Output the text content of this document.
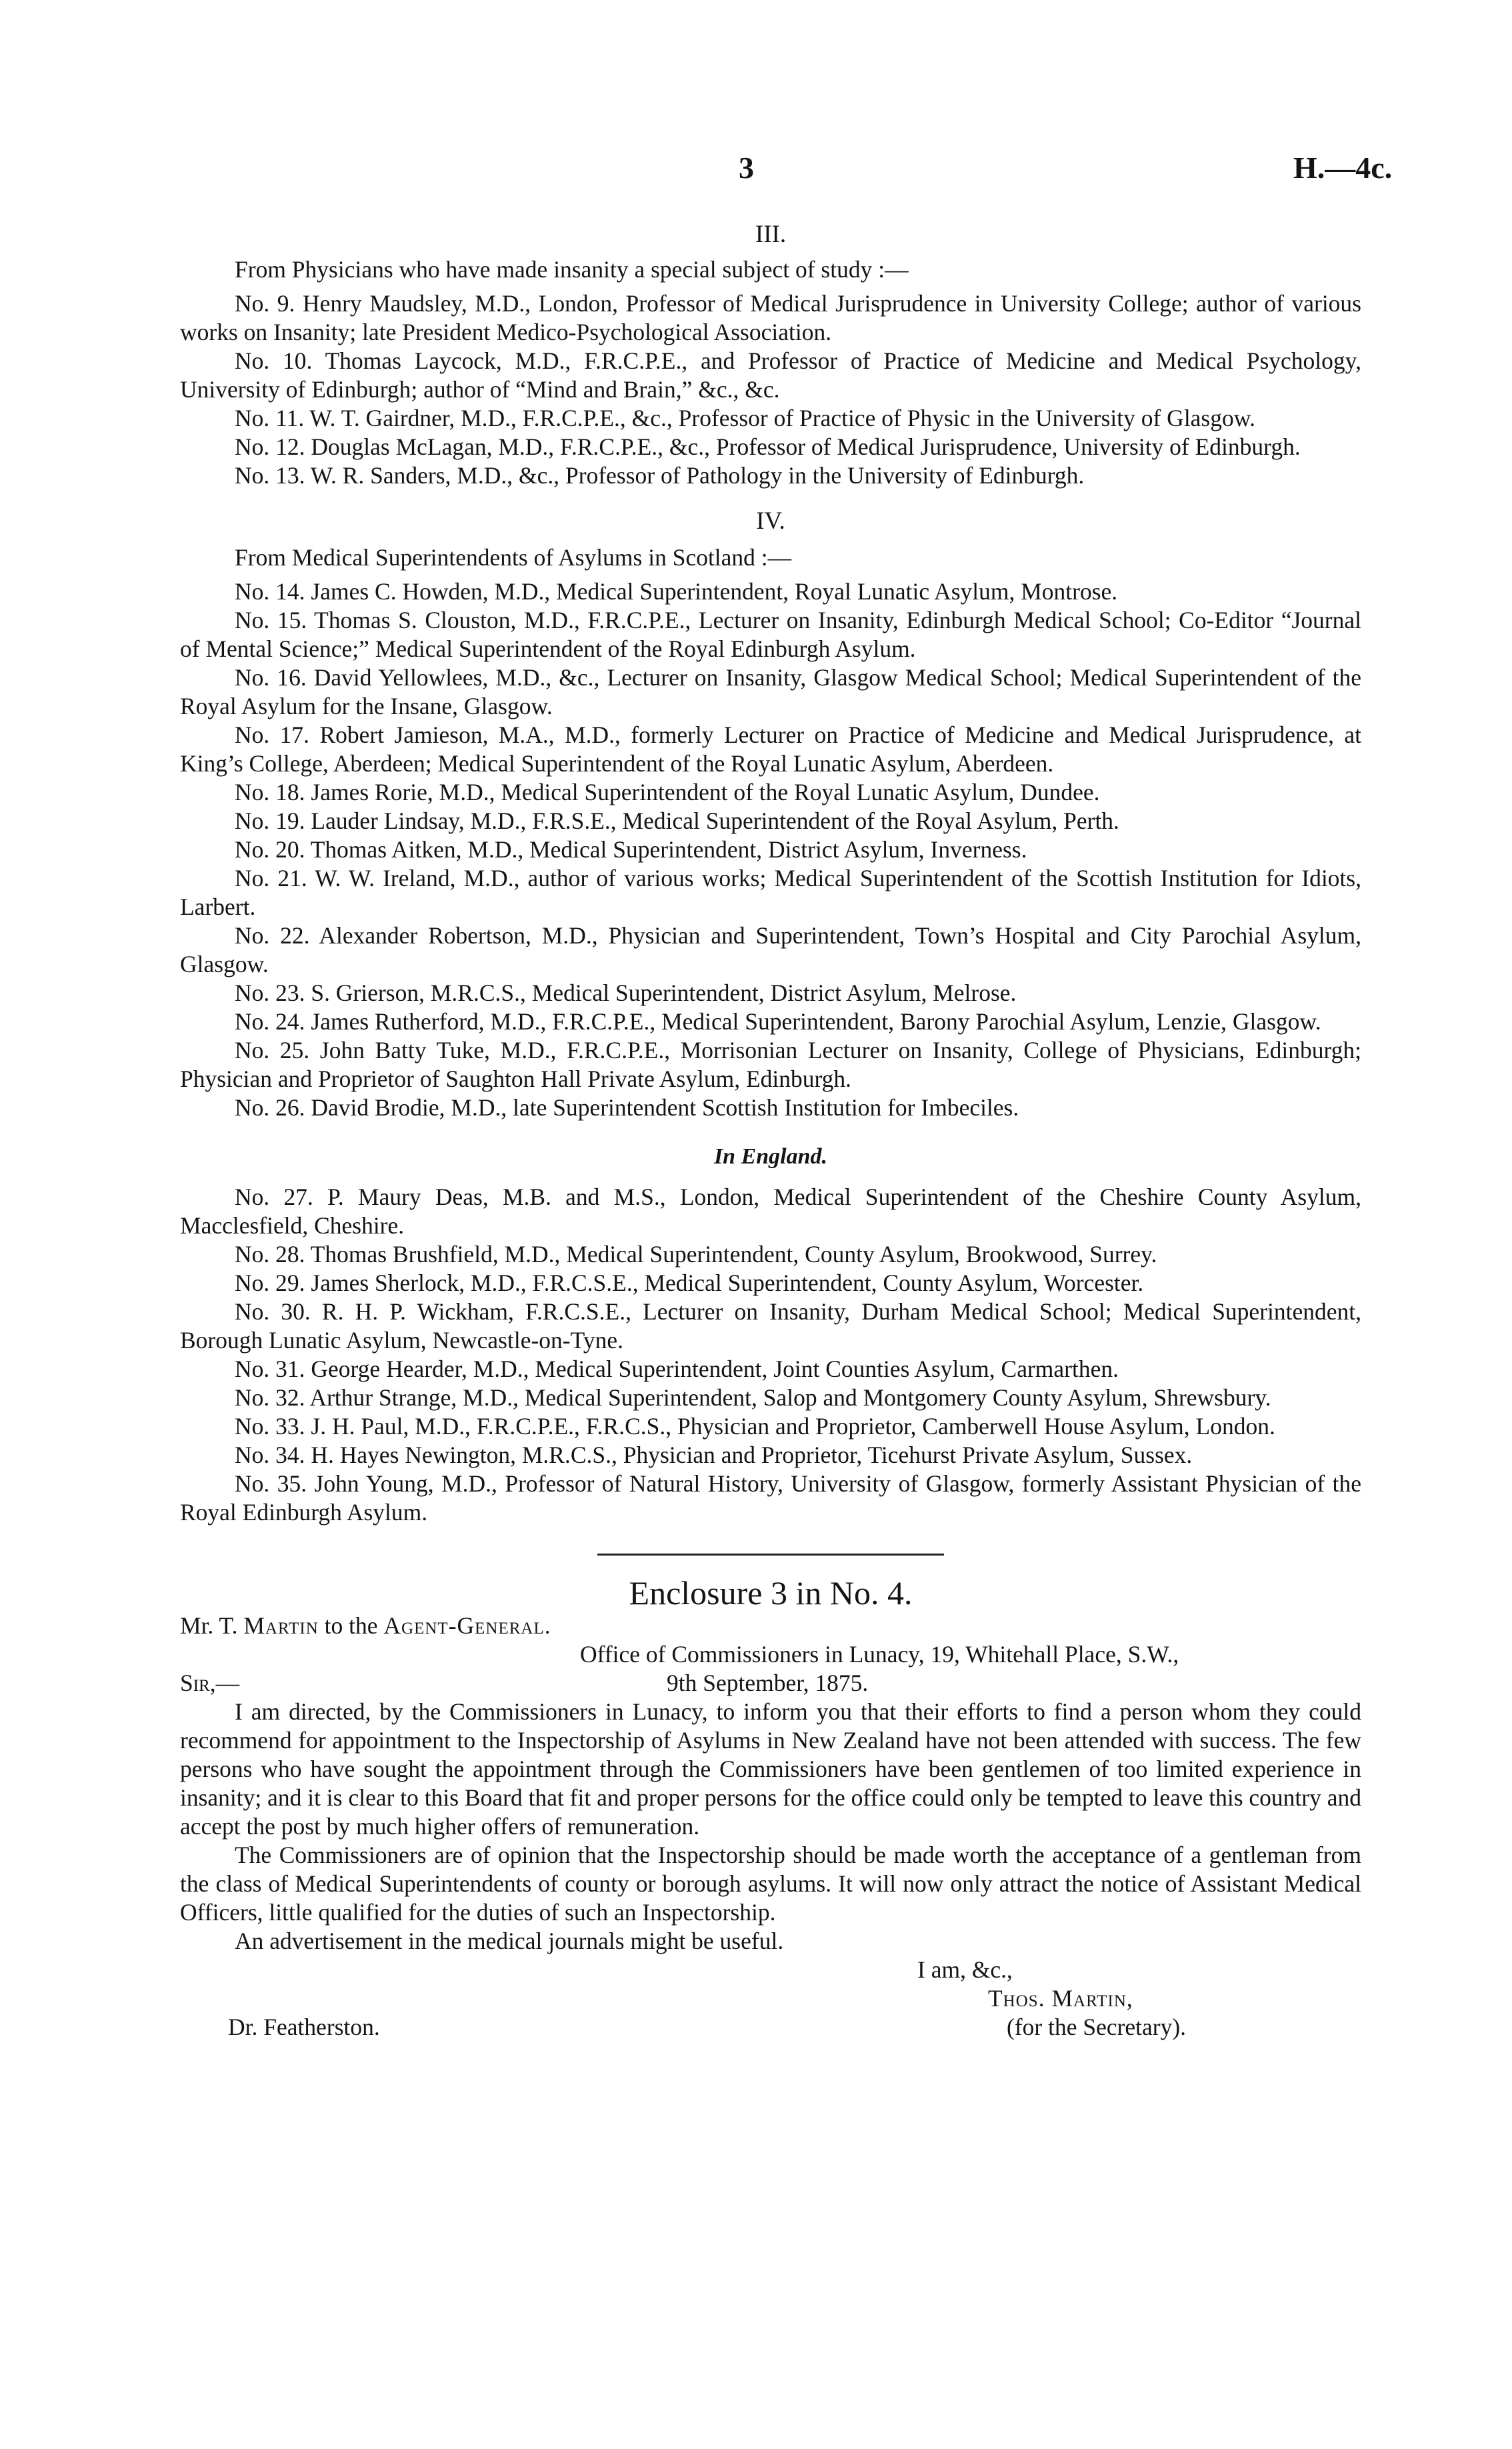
3	H.—4c.
III.

From Physicians who have made insanity a special subject of study :—

No. 9. Henry Maudsley, M.D., London, Professor of Medical Jurisprudence in University College; author of various works on Insanity; late President Medico-Psychological Association.

No. 10. Thomas Laycock, M.D., F.R.C.P.E., and Professor of Practice of Medicine and Medical Psychology, University of Edinburgh; author of “Mind and Brain,” &c., &c.

No. 11. W. T. Gairdner, M.D., F.R.C.P.E., &c., Professor of Practice of Physic in the University of Glasgow.

No. 12. Douglas McLagan, M.D., F.R.C.P.E., &c., Professor of Medical Jurisprudence, University of Edinburgh.

No. 13. W. R. Sanders, M.D., &c., Professor of Pathology in the University of Edinburgh.

IV.

From Medical Superintendents of Asylums in Scotland :—

No. 14. James C. Howden, M.D., Medical Superintendent, Royal Lunatic Asylum, Montrose.

No. 15. Thomas S. Clouston, M.D., F.R.C.P.E., Lecturer on Insanity, Edinburgh Medical School; Co-Editor “Journal of Mental Science;” Medical Superintendent of the Royal Edinburgh Asylum.

No. 16. David Yellowlees, M.D., &c., Lecturer on Insanity, Glasgow Medical School; Medical Superintendent of the Royal Asylum for the Insane, Glasgow.

No. 17. Robert Jamieson, M.A., M.D., formerly Lecturer on Practice of Medicine and Medical Jurisprudence, at King’s College, Aberdeen; Medical Superintendent of the Royal Lunatic Asylum, Aberdeen.

No. 18. James Rorie, M.D., Medical Superintendent of the Royal Lunatic Asylum, Dundee.

No. 19. Lauder Lindsay, M.D., F.R.S.E., Medical Superintendent of the Royal Asylum, Perth.

No. 20. Thomas Aitken, M.D., Medical Superintendent, District Asylum, Inverness.

No. 21. W. W. Ireland, M.D., author of various works; Medical Superintendent of the Scottish Institution for Idiots, Larbert.

No. 22. Alexander Robertson, M.D., Physician and Superintendent, Town’s Hospital and City Parochial Asylum, Glasgow.

No. 23. S. Grierson, M.R.C.S., Medical Superintendent, District Asylum, Melrose.

No. 24. James Rutherford, M.D., F.R.C.P.E., Medical Superintendent, Barony Parochial Asylum, Lenzie, Glasgow.

No. 25. John Batty Tuke, M.D., F.R.C.P.E., Morrisonian Lecturer on Insanity, College of Physicians, Edinburgh; Physician and Proprietor of Saughton Hall Private Asylum, Edinburgh.

No. 26. David Brodie, M.D., late Superintendent Scottish Institution for Imbeciles.

In England.

No. 27. P. Maury Deas, M.B. and M.S., London, Medical Superintendent of the Cheshire County Asylum, Macclesfield, Cheshire.

No. 28. Thomas Brushfield, M.D., Medical Superintendent, County Asylum, Brookwood, Surrey.

No. 29. James Sherlock, M.D., F.R.C.S.E., Medical Superintendent, County Asylum, Worcester.

No. 30. R. H. P. Wickham, F.R.C.S.E., Lecturer on Insanity, Durham Medical School; Medical Superintendent, Borough Lunatic Asylum, Newcastle-on-Tyne.

No. 31. George Hearder, M.D., Medical Superintendent, Joint Counties Asylum, Carmarthen.

No. 32. Arthur Strange, M.D., Medical Superintendent, Salop and Montgomery County Asylum, Shrewsbury.

No. 33. J. H. Paul, M.D., F.R.C.P.E., F.R.C.S., Physician and Proprietor, Camberwell House Asylum, London.

No. 34. H. Hayes Newington, M.R.C.S., Physician and Proprietor, Ticehurst Private Asylum, Sussex.

No. 35. John Young, M.D., Professor of Natural History, University of Glasgow, formerly Assistant Physician of the Royal Edinburgh Asylum.

Enclosure 3 in No. 4.

Mr. T. Martin to the Agent-General.

Office of Commissioners in Lunacy, 19, Whitehall Place, S.W.,

Sir,—	9th September, 1875.

I am directed, by the Commissioners in Lunacy, to inform you that their efforts to find a person whom they could recommend for appointment to the Inspectorship of Asylums in New Zealand have not been attended with success. The few persons who have sought the appointment through the Commissioners have been gentlemen of too limited experience in insanity; and it is clear to this Board that fit and proper persons for the office could only be tempted to leave this country and accept the post by much higher offers of remuneration.

The Commissioners are of opinion that the Inspectorship should be made worth the acceptance of a gentleman from the class of Medical Superintendents of county or borough asylums. It will now only attract the notice of Assistant Medical Officers, little qualified for the duties of such an Inspectorship.

An advertisement in the medical journals might be useful.

I am, &c.,
Thos. Martin,
Dr. Featherston.	(for the Secretary).
